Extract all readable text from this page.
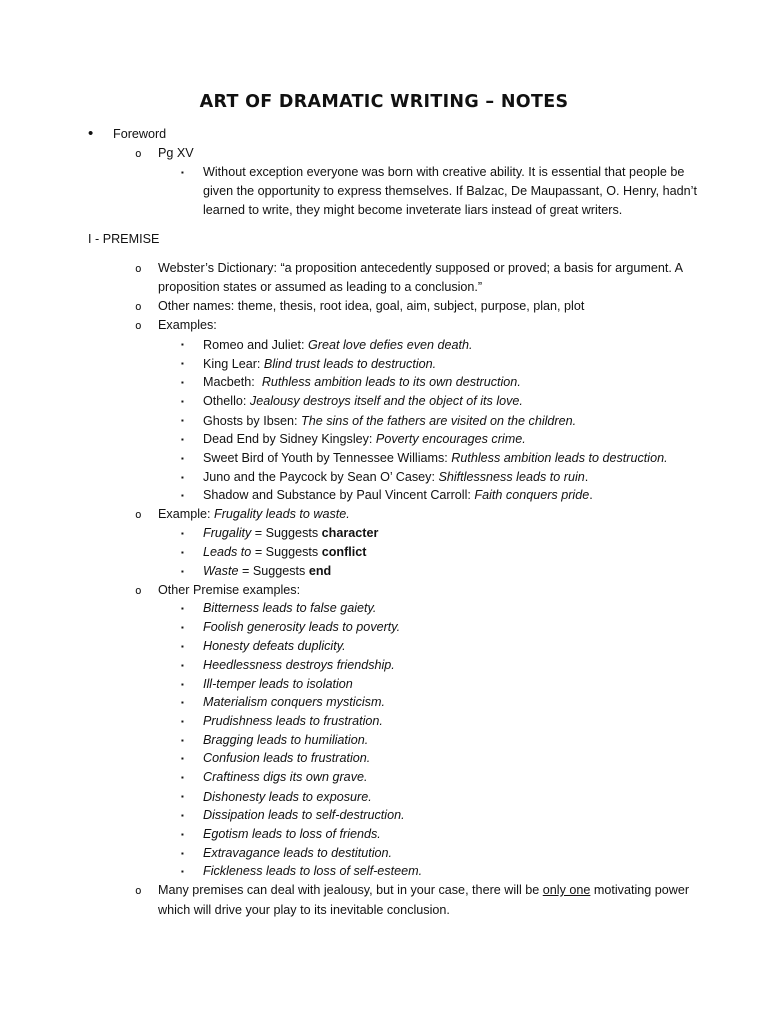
ART OF DRAMATIC WRITING – NOTES
• Foreword
o Pg XV
▪ Without exception everyone was born with creative ability. It is essential that people be
given the opportunity to express themselves. If Balzac, De Maupassant, O. Henry, hadn’t
learned to write, they might become inveterate liars instead of great writers.
I - PREMISE
o Webster’s Dictionary: “a proposition antecedently supposed or proved; a basis for argument. A
proposition states or assumed as leading to a conclusion.”
o Other names: theme, thesis, root idea, goal, aim, subject, purpose, plan, plot
o Examples:
▪ Romeo and Juliet: Great love defies even death.
▪ King Lear: Blind trust leads to destruction.
▪ Macbeth:  Ruthless ambition leads to its own destruction.
▪ Othello: Jealousy destroys itself and the object of its love.
▪ Ghosts by Ibsen: The sins of the fathers are visited on the children.
▪ Dead End by Sidney Kingsley: Poverty encourages crime.
▪ Sweet Bird of Youth by Tennessee Williams: Ruthless ambition leads to destruction.
▪ Juno and the Paycock by Sean O’ Casey: Shiftlessness leads to ruin.
▪ Shadow and Substance by Paul Vincent Carroll: Faith conquers pride.
o Example: Frugality leads to waste.
▪ Frugality = Suggests character
▪ Leads to = Suggests conflict
▪ Waste = Suggests end
o Other Premise examples:
▪ Bitterness leads to false gaiety.
▪ Foolish generosity leads to poverty.
▪ Honesty defeats duplicity.
▪ Heedlessness destroys friendship.
▪ Ill-temper leads to isolation
▪ Materialism conquers mysticism.
▪ Prudishness leads to frustration.
▪ Bragging leads to humiliation.
▪ Confusion leads to frustration.
▪ Craftiness digs its own grave.
▪ Dishonesty leads to exposure.
▪ Dissipation leads to self-destruction.
▪ Egotism leads to loss of friends.
▪ Extravagance leads to destitution.
▪ Fickleness leads to loss of self-esteem.
o Many premises can deal with jealousy, but in your case, there will be only one motivating power
which will drive your play to its inevitable conclusion.
